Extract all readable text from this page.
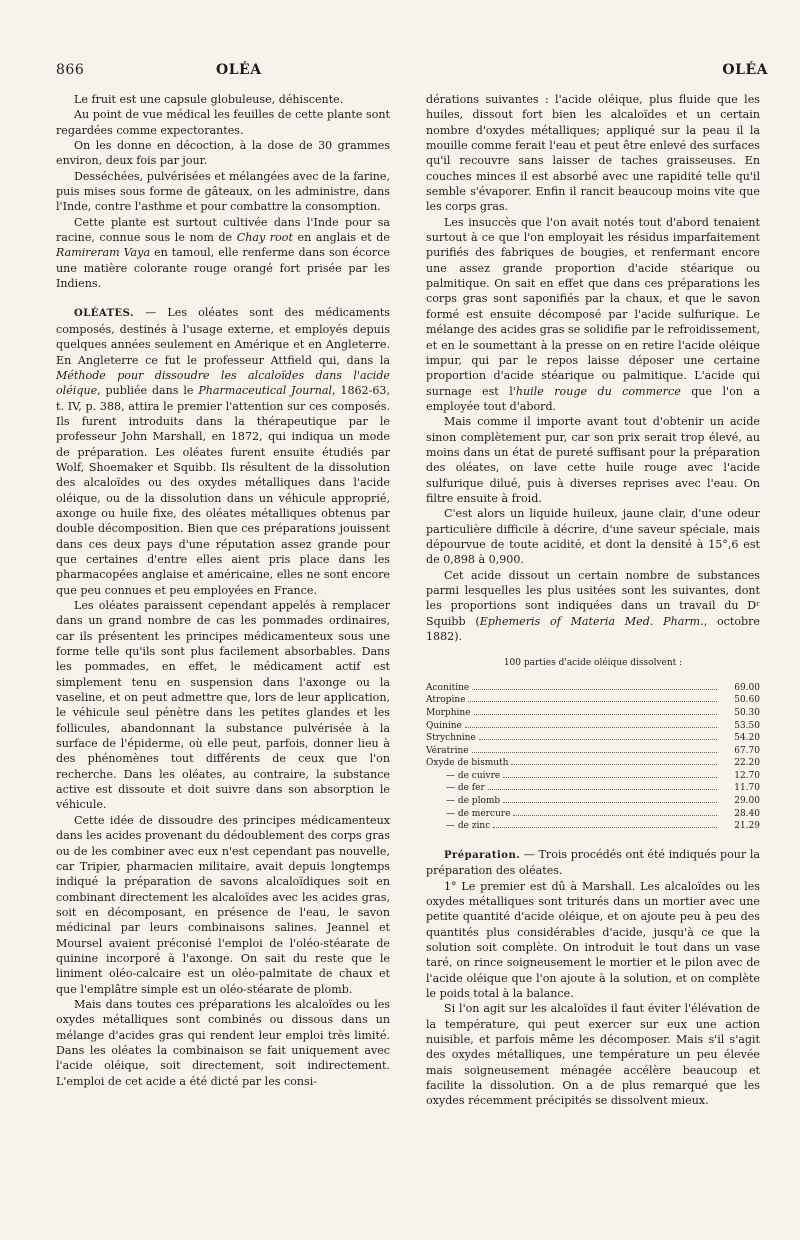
866	OLÉA	OLÉA

Le fruit est une capsule globuleuse, déhiscente.

Au point de vue médical les feuilles de cette plante sont regardées comme expectorantes.

On les donne en décoction, à la dose de 30 grammes environ, deux fois par jour.

Desséchées, pulvérisées et mélangées avec de la farine, puis mises sous forme de gâteaux, on les administre, dans l'Inde, contre l'asthme et pour combattre la consomption.

Cette plante est surtout cultivée dans l'Inde pour sa racine, connue sous le nom de Chay root en anglais et de Ramireram Vaya en tamoul, elle renferme dans son écorce une matière colorante rouge orangé fort prisée par les Indiens.

OLÉATES. — Les oléates sont des médicaments composés, destinés à l'usage externe, et employés depuis quelques années seulement en Amérique et en Angleterre. En Angleterre ce fut le professeur Attfield qui, dans la Méthode pour dissoudre les alcaloïdes dans l'acide oléique, publiée dans le Pharmaceutical Journal, 1862-63, t. IV, p. 388, attira le premier l'attention sur ces composés. Ils furent introduits dans la thérapeutique par le professeur John Marshall, en 1872, qui indiqua un mode de préparation. Les oléates furent ensuite étudiés par Wolf, Shoemaker et Squibb. Ils résultent de la dissolution des alcaloïdes ou des oxydes métalliques dans l'acide oléique, ou de la dissolution dans un véhicule approprié, axonge ou huile fixe, des oléates métalliques obtenus par double décomposition. Bien que ces préparations jouissent dans ces deux pays d'une réputation assez grande pour que certaines d'entre elles aient pris place dans les pharmacopées anglaise et américaine, elles ne sont encore que peu connues et peu employées en France.

Les oléates paraissent cependant appelés à remplacer dans un grand nombre de cas les pommades ordinaires, car ils présentent les principes médicamenteux sous une forme telle qu'ils sont plus facilement absorbables. Dans les pommades, en effet, le médicament actif est simplement tenu en suspension dans l'axonge ou la vaseline, et on peut admettre que, lors de leur application, le véhicule seul pénètre dans les petites glandes et les follicules, abandonnant la substance pulvérisée à la surface de l'épiderme, où elle peut, parfois, donner lieu à des phénomènes tout différents de ceux que l'on recherche. Dans les oléates, au contraire, la substance active est dissoute et doit suivre dans son absorption le véhicule.

Cette idée de dissoudre des principes médicamenteux dans les acides provenant du dédoublement des corps gras ou de les combiner avec eux n'est cependant pas nouvelle, car Tripier, pharmacien militaire, avait depuis longtemps indiqué la préparation de savons alcaloïdiques soit en combinant directement les alcaloïdes avec les acides gras, soit en décomposant, en présence de l'eau, le savon médicinal par leurs combinaisons salines. Jeannel et Moursel avaient préconisé l'emploi de l'oléo-stéarate de quinine incorporé à l'axonge. On sait du reste que le liniment oléo-calcaire est un oléo-palmitate de chaux et que l'emplâtre simple est un oléo-stéarate de plomb.

Mais dans toutes ces préparations les alcaloïdes ou les oxydes métalliques sont combinés ou dissous dans un mélange d'acides gras qui rendent leur emploi très limité. Dans les oléates la combinaison se fait uniquement avec l'acide oléique, soit directement, soit indirectement. L'emploi de cet acide a été dicté par les consi-

dérations suivantes : l'acide oléique, plus fluide que les huiles, dissout fort bien les alcaloïdes et un certain nombre d'oxydes métalliques; appliqué sur la peau il la mouille comme ferait l'eau et peut être enlevé des surfaces qu'il recouvre sans laisser de taches graisseuses. En couches minces il est absorbé avec une rapidité telle qu'il semble s'évaporer. Enfin il rancit beaucoup moins vite que les corps gras.

Les insuccès que l'on avait notés tout d'abord tenaient surtout à ce que l'on employait les résidus imparfaitement purifiés des fabriques de bougies, et renfermant encore une assez grande proportion d'acide stéarique ou palmitique. On sait en effet que dans ces préparations les corps gras sont saponifiés par la chaux, et que le savon formé est ensuite décomposé par l'acide sulfurique. Le mélange des acides gras se solidifie par le refroidissement, et en le soumettant à la presse on en retire l'acide oléique impur, qui par le repos laisse déposer une certaine proportion d'acide stéarique ou palmitique. L'acide qui surnage est l'huile rouge du commerce que l'on a employée tout d'abord.

Mais comme il importe avant tout d'obtenir un acide sinon complètement pur, car son prix serait trop élevé, au moins dans un état de pureté suffisant pour la préparation des oléates, on lave cette huile rouge avec l'acide sulfurique dilué, puis à diverses reprises avec l'eau. On filtre ensuite à froid.

C'est alors un liquide huileux, jaune clair, d'une odeur particulière difficile à décrire, d'une saveur spéciale, mais dépourvue de toute acidité, et dont la densité à 15°,6 est de 0,898 à 0,900.

Cet acide dissout un certain nombre de substances parmi lesquelles les plus usitées sont les suivantes, dont les proportions sont indiquées dans un travail du Dʳ Squibb (Ephemeris of Materia Med. Pharm., octobre 1882).

100 parties d'acide oléique dissolvent :
Aconitine	69.00
Atropine	50.60
Morphine	50.30
Quinine	53.50
Strychnine	54.20
Vératrine	67.70
Oxyde de bismuth	22.20
— de cuivre	12.70
— de fer	11.70
— de plomb	29.00
— de mercure	28.40
— de zinc	21.29

Préparation. — Trois procédés ont été indiqués pour la préparation des oléates.

1° Le premier est dû à Marshall. Les alcaloïdes ou les oxydes métalliques sont triturés dans un mortier avec une petite quantité d'acide oléique, et on ajoute peu à peu des quantités plus considérables d'acide, jusqu'à ce que la solution soit complète. On introduit le tout dans un vase taré, on rince soigneusement le mortier et le pilon avec de l'acide oléique que l'on ajoute à la solution, et on complète le poids total à la balance.

Si l'on agit sur les alcaloïdes il faut éviter l'élévation de la température, qui peut exercer sur eux une action nuisible, et parfois même les décomposer. Mais s'il s'agit des oxydes métalliques, une température un peu élevée mais soigneusement ménagée accélère beaucoup et facilite la dissolution. On a de plus remarqué que les oxydes récemment précipités se dissolvent mieux.
